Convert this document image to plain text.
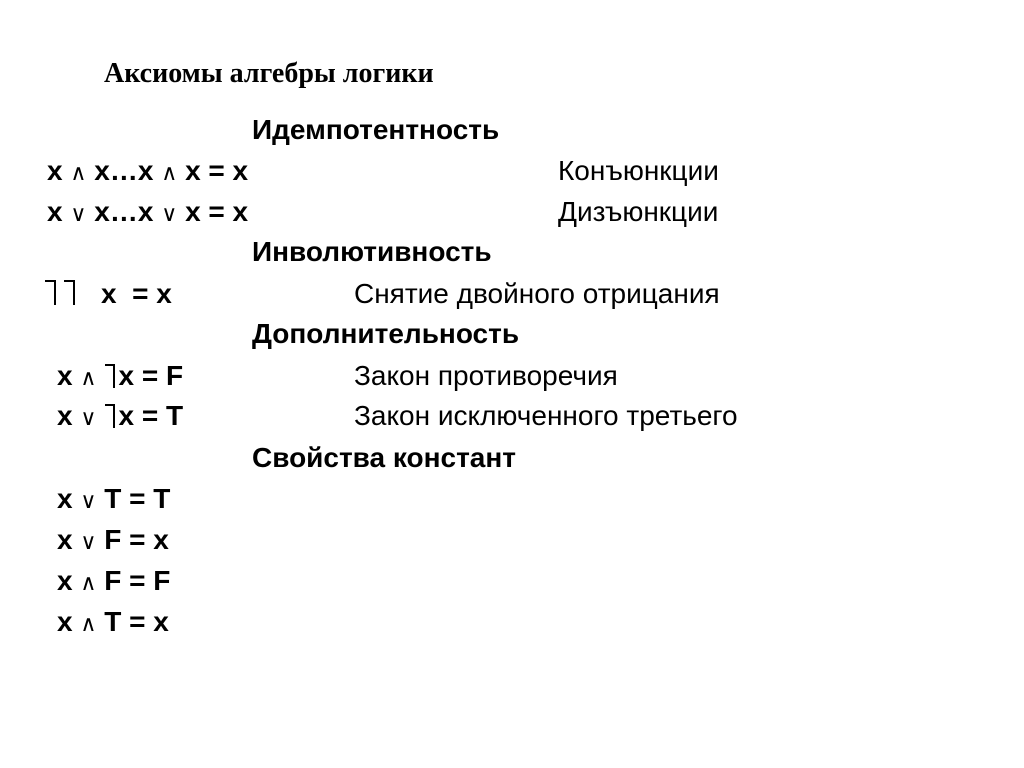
Аксиомы алгебры логики
Идемпотентность
x ∧ x…x ∧ x = x	Конъюнкции
x ∨ x…x ∨ x = x	Дизъюнкции
Инволютивность
x = x	Снятие двойного отрицания
Дополнительность
x ∧ x = F	Закон противоречия
x ∨ x = T	Закон исключенного третьего
Свойства констант
x ∨ T = T
x ∨ F = x
x ∧ F = F
x ∧ T = x
